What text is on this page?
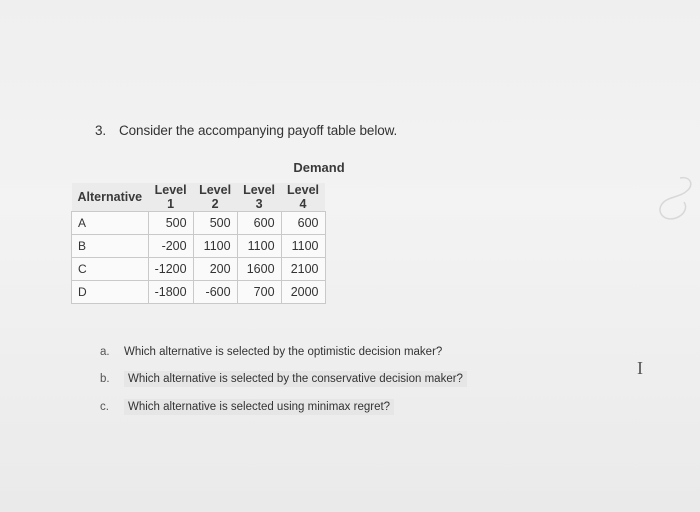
3. Consider the accompanying payoff table below.
Demand
Alternative	Level 1	Level 2	Level 3	Level 4
A	500	500	600	600
B	-200	1100	1100	1100
C	-1200	200	1600	2100
D	-1800	-600	700	2000
a. Which alternative is selected by the optimistic decision maker?
b. Which alternative is selected by the conservative decision maker?
c. Which alternative is selected using minimax regret?
I
